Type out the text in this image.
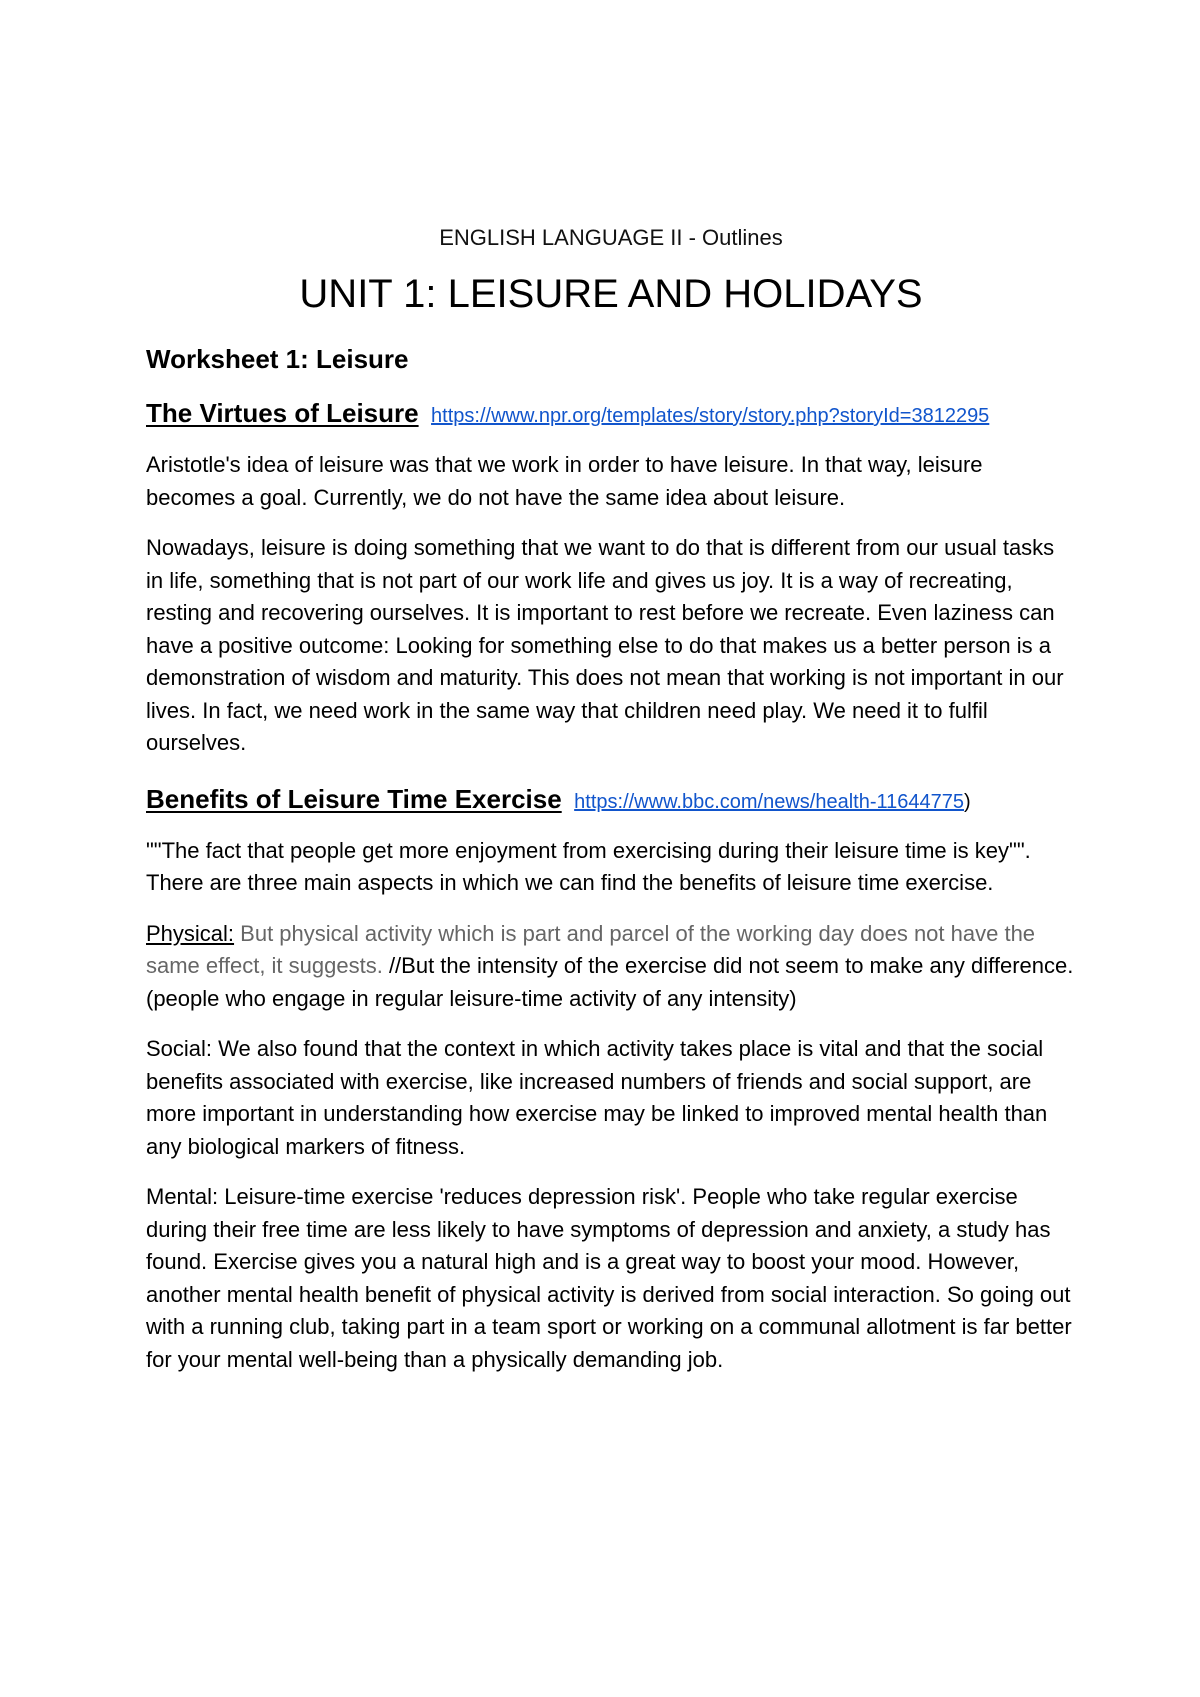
ENGLISH LANGUAGE II - Outlines
UNIT 1: LEISURE AND HOLIDAYS
Worksheet 1: Leisure
The Virtues of Leisure https://www.npr.org/templates/story/story.php?storyId=3812295

Aristotle's idea of leisure was that we work in order to have leisure. In that way, leisure becomes a goal. Currently, we do not have the same idea about leisure.

Nowadays, leisure is doing something that we want to do that is different from our usual tasks in life, something that is not part of our work life and gives us joy. It is a way of recreating, resting and recovering ourselves. It is important to rest before we recreate. Even laziness can have a positive outcome: Looking for something else to do that makes us a better person is a demonstration of wisdom and maturity. This does not mean that working is not important in our lives. In fact, we need work in the same way that children need play. We need it to fulfil ourselves.

Benefits of Leisure Time Exercise https://www.bbc.com/news/health-11644775)

""The fact that people get more enjoyment from exercising during their leisure time is key"". There are three main aspects in which we can find the benefits of leisure time exercise.

Physical: But physical activity which is part and parcel of the working day does not have the same effect, it suggests. //But the intensity of the exercise did not seem to make any difference. (people who engage in regular leisure-time activity of any intensity)

Social: We also found that the context in which activity takes place is vital and that the social benefits associated with exercise, like increased numbers of friends and social support, are more important in understanding how exercise may be linked to improved mental health than any biological markers of fitness.

Mental: Leisure-time exercise 'reduces depression risk'. People who take regular exercise during their free time are less likely to have symptoms of depression and anxiety, a study has found. Exercise gives you a natural high and is a great way to boost your mood. However, another mental health benefit of physical activity is derived from social interaction. So going out with a running club, taking part in a team sport or working on a communal allotment is far better for your mental well-being than a physically demanding job.
